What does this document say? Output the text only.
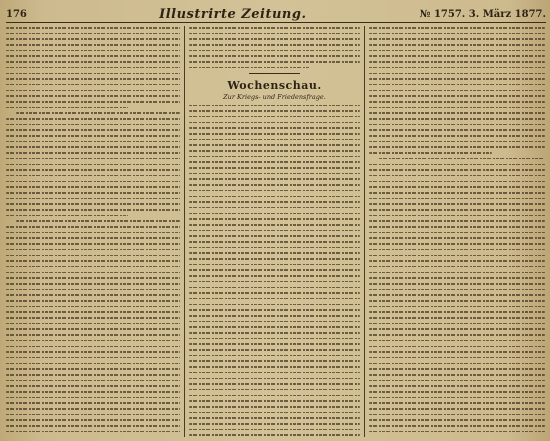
176	Illustrirte Zeitung.	№ 1757. 3. März 1877.
Wochenschau.
Zur Kriegs- und Friedensfrage.
